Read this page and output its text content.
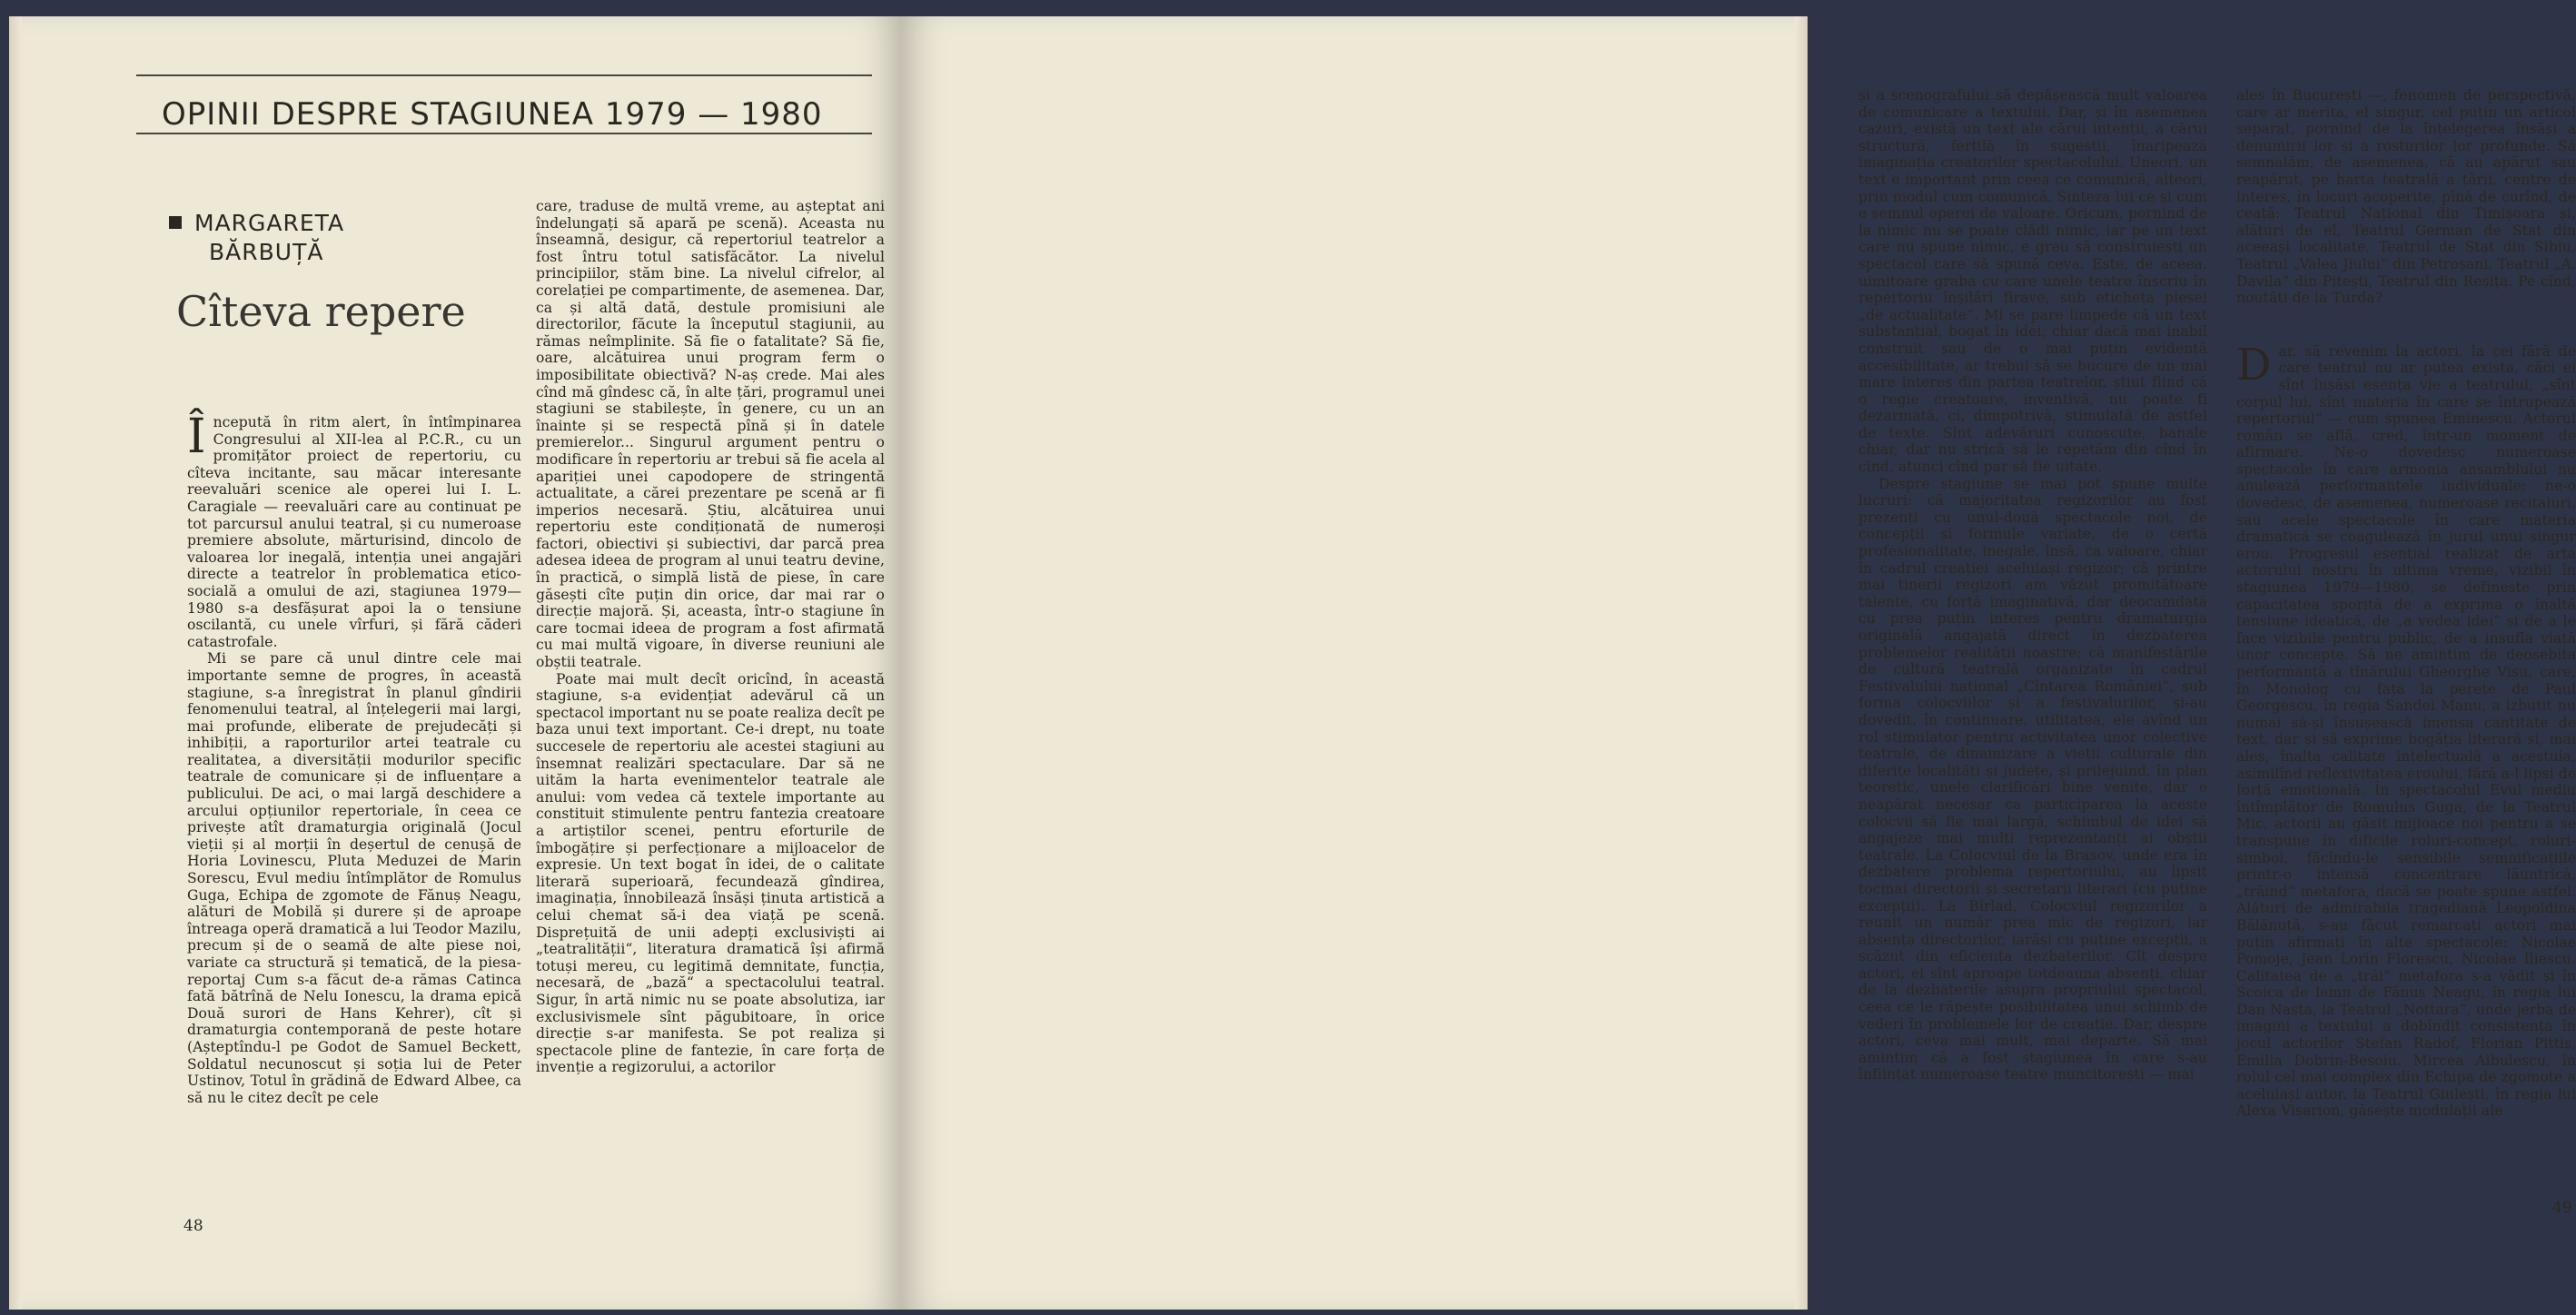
OPINII DESPRE STAGIUNEA 1979 — 1980
MARGARETA
BĂRBUȚĂ
Cîteva repere

Începută în ritm alert, în întîmpinarea Congresului al XII-lea al P.C.R., cu un promițător proiect de repertoriu, cu cîteva incitante, sau măcar interesante reevaluări scenice ale operei lui I. L. Caragiale — reevaluări care au continuat pe tot parcursul anului teatral, și cu numeroase premiere absolute, mărturisind, dincolo de valoarea lor inegală, intenția unei angajări directe a teatrelor în problematica etico-socială a omului de azi, stagiunea 1979—1980 s-a desfășurat apoi la o tensiune oscilantă, cu unele vîrfuri, și fără căderi catastrofale.

Mi se pare că unul dintre cele mai importante semne de progres, în această stagiune, s-a înregistrat în planul gîndirii fenomenului teatral, al înțelegerii mai largi, mai profunde, eliberate de prejudecăți și inhibiții, a raporturilor artei teatrale cu realitatea, a diversității modurilor specific teatrale de comunicare și de influențare a publicului. De aci, o mai largă deschidere a arcului opțiunilor repertoriale, în ceea ce privește atît dramaturgia originală (Jocul vieții și al morții în deșertul de cenușă de Horia Lovinescu, Pluta Meduzei de Marin Sorescu, Evul mediu întîmplător de Romulus Guga, Echipa de zgomote de Fănuș Neagu, alături de Mobilă și durere și de aproape întreaga operă dramatică a lui Teodor Mazilu, precum și de o seamă de alte piese noi, variate ca structură și tematică, de la piesa-reportaj Cum s-a făcut de-a rămas Catinca fată bătrînă de Nelu Ionescu, la drama epică Două surori de Hans Kehrer), cît și dramaturgia contemporană de peste hotare (Așteptîndu-l pe Godot de Samuel Beckett, Soldatul necunoscut și soția lui de Peter Ustinov, Totul în grădină de Edward Albee, ca să nu le citez decît pe cele

care, traduse de multă vreme, au așteptat ani îndelungați să apară pe scenă). Aceasta nu înseamnă, desigur, că repertoriul teatrelor a fost întru totul satisfăcător. La nivelul principiilor, stăm bine. La nivelul cifrelor, al corelației pe compartimente, de asemenea. Dar, ca și altă dată, destule promisiuni ale directorilor, făcute la începutul stagiunii, au rămas neîmplinite. Să fie o fatalitate? Să fie, oare, alcătuirea unui program ferm o imposibilitate obiectivă? N-aș crede. Mai ales cînd mă gîndesc că, în alte țări, programul unei stagiuni se stabilește, în genere, cu un an înainte și se respectă pînă și în datele premierelor... Singurul argument pentru o modificare în repertoriu ar trebui să fie acela al apariției unei capodopere de stringentă actualitate, a cărei prezentare pe scenă ar fi imperios necesară. Știu, alcătuirea unui repertoriu este condiționată de numeroși factori, obiectivi și subiectivi, dar parcă prea adesea ideea de program al unui teatru devine, în practică, o simplă listă de piese, în care găsești cîte puțin din orice, dar mai rar o direcție majoră. Și, aceasta, într-o stagiune în care tocmai ideea de program a fost afirmată cu mai multă vigoare, în diverse reuniuni ale obștii teatrale.

Poate mai mult decît oricînd, în această stagiune, s-a evidențiat adevărul că un spectacol important nu se poate realiza decît pe baza unui text important. Ce-i drept, nu toate succesele de repertoriu ale acestei stagiuni au însemnat realizări spectaculare. Dar să ne uităm la harta evenimentelor teatrale ale anului: vom vedea că textele importante au constituit stimulente pentru fantezia creatoare a artiștilor scenei, pentru eforturile de îmbogățire și perfecționare a mijloacelor de expresie. Un text bogat în idei, de o calitate literară superioară, fecundează gîndirea, imaginația, înnobilează însăși ținuta artistică a celui chemat să-i dea viață pe scenă. Disprețuită de unii adepți exclusiviști ai „teatralității“, literatura dramatică își afirmă totuși mereu, cu legitimă demnitate, funcția, necesară, de „bază“ a spectacolului teatral. Sigur, în artă nimic nu se poate absolutiza, iar exclusivismele sînt păgubitoare, în orice direcție s-ar manifesta. Se pot realiza și spectacole pline de fantezie, în care forța de invenție a regizorului, a actorilor

48

și a scenografului să depășească mult valoarea de comunicare a textului. Dar, și în asemenea cazuri, există un text ale cărui intenții, a cărui structură, fertilă în sugestii, înaripează imaginația creatorilor spectacolului. Uneori, un text e important prin ceea ce comunică, alteori, prin modul cum comunică. Sinteza lui ce și cum e semnul operei de valoare. Oricum, pornind de la nimic nu se poate clădi nimic, iar pe un text care nu spune nimic, e greu să construiești un spectacol care să spună ceva. Este, de aceea, uimitoare graba cu care unele teatre înscriu în repertoriu înșilări firave, sub eticheta piesei „de actualitate“. Mi se pare limpede că un text substanțial, bogat în idei, chiar dacă mai inabil construit sau de o mai puțin evidentă accesibilitate, ar trebui să se bucure de un mai mare interes din partea teatrelor, știut fiind că o regie creatoare, inventivă, nu poate fi dezarmată, ci, dimpotrivă, stimulată de astfel de texte. Sînt adevăruri cunoscute, banale chiar, dar nu strică să le repetăm din cînd în cînd, atunci cînd par să fie uitate.

Despre stagiune se mai pot spune multe lucruri: că majoritatea regizorilor au fost prezenți cu unul-două spectacole noi, de concepții și formule variate, de o certă profesionalitate, inegale, însă, ca valoare, chiar în cadrul creației aceluiași regizor; că printre mai tinerii regizori am văzut promițătoare talente, cu forță imaginativă, dar deocamdată cu prea puțin interes pentru dramaturgia originală angajată direct în dezbaterea problemelor realității noastre; că manifestările de cultură teatrală organizate în cadrul Festivalului național „Cîntarea României“, sub forma colocviilor și a festivalurilor, și-au dovedit, în continuare, utilitatea, ele avînd un rol stimulator pentru activitatea unor colective teatrale, de dinamizare a vieții culturale din diferite localități și județe, și prilejuind, în plan teoretic, unele clarificări bine venite, dar e neapărat necesar ca participarea la aceste colocvii să fie mai largă, schimbul de idei să angajeze mai mulți reprezentanți ai obștii teatrale. La Colocviul de la Brașov, unde era în dezbatere problema repertoriului, au lipsit tocmai directorii și secretarii literari (cu puține excepții). La Bîrlad, Colocviul regizorilor a reunit un număr prea mic de regizori, iar absența directorilor, iarăși cu puține excepții, a scăzut din eficiența dezbaterilor. Cît despre actori, ei sînt aproape totdeauna absenți, chiar de la dezbaterile asupra propriului spectacol, ceea ce le răpește posibilitatea unui schimb de vederi în problemele lor de creație. Dar, despre actori, ceva mai mult, mai departe. Să mai amintim că a fost stagiunea în care s-au înființat numeroase teatre muncitorești — mai

ales în București —, fenomen de perspectivă, care ar merita, el singur, cel puțin un articol separat, pornind de la înțelegerea însăși a denumirii lor și a rosturilor lor profunde. Să semnalăm, de asemenea, că au apărut sau reapărut, pe harta teatrală a țării, centre de interes, în locuri acoperite, pînă de curînd, de ceață: Teatrul Național din Timișoara și, alături de el, Teatrul German de Stat din aceeași localitate, Teatrul de Stat din Sibiu, Teatrul „Valea Jiului“ din Petroșani, Teatrul „A. Davila“ din Pitești, Teatrul din Reșița. Pe cînd, noutăți de la Turda?

Dar, să revenim la actori, la cei fără de care teatrul nu ar putea exista, căci ei sînt înșăși esența vie a teatrului, „sînt corpul lui, sînt materia în care se întrupează repertoriul“ — cum spunea Eminescu. Actorul român se află, cred, într-un moment de afirmare. Ne-o dovedesc numeroase spectacole în care armonia ansamblului nu anulează performanțele individuale; ne-o dovedesc, de asemenea, numeroase recitaluri, sau acele spectacole în care materia dramatică se coagulează în jurul unui singur erou. Progresul esențial realizat de arta actorului nostru în ultima vreme, vizibil în stagiunea 1979—1980, se definește prin capacitatea sporită de a exprima o înaltă tensiune ideatică, de „a vedea idei“ și de a le face vizibile pentru public, de a insufla viață unor concepte. Să ne amintim de deosebita performanță a tînărului Gheorghe Visu, care, în Monolog cu fața la perete de Paul Georgescu, în regia Sandei Manu, a izbutit nu numai să-și însușească imensa cantitate de text, dar și să exprime bogăția literară și, mai ales, înalta calitate intelectuală a acestuia, asimilînd reflexivitatea eroului, fără a-l lipsi de forță emoțională. În spectacolul Evul mediu întîmplător de Romulus Guga, de la Teatrul Mic, actorii au găsit mijloace noi pentru a se transpune în dificile roluri-concept, roluri-simbol, făcîndu-le sensibile semnificațiile printr-o intensă concentrare lăuntrică, „trăind“ metafora, dacă se poate spune astfel. Alături de admirabila tragediană Leopoldina Bălănuță, s-au făcut remarcați actori mai puțin afirmați în alte spectacole: Nicolae Pomoje, Jean Lorin Florescu, Nicolae Iliescu. Calitatea de a „trăi“ metafora s-a vădit și în Scoica de lemn de Fănuș Neagu, în regia lui Dan Nasta, la Teatrul „Nottara“, unde jerba de imagini a textului a dobîndit consistența în jocul actorilor Ștefan Radof, Florian Pittiș, Emilia Dobrin-Besoiu. Mircea Albulescu, în rolul cel mai complex din Echipa de zgomote a aceluiași autor, la Teatrul Giulești, în regia lui Alexa Visarion, găsește modulații ale

49
